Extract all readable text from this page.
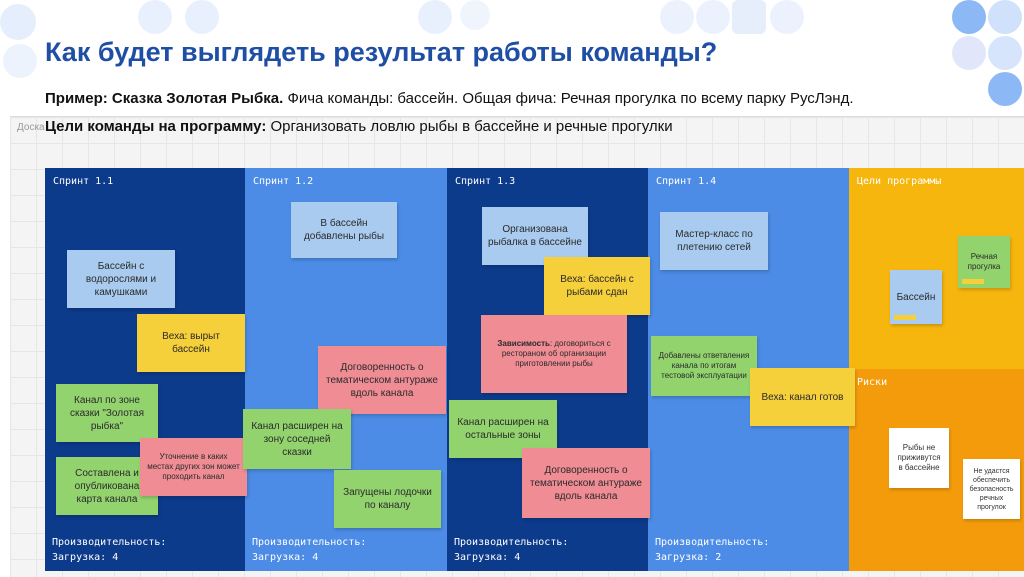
Как будет выглядеть результат работы команды?
Пример: Сказка Золотая Рыбка. Фича команды: бассейн. Общая фича: Речная прогулка по всему парку РусЛэнд.
Доска Цели команды на программу: Организовать ловлю рыбы в бассейне и речные прогулки
Спринт 1.1
Производительность:
Загрузка: 4
Спринт 1.2
Производительность:
Загрузка: 4
Спринт 1.3
Производительность:
Загрузка: 4
Спринт 1.4
Производительность:
Загрузка: 2
Цели программы
Риски
Бассейн с водорослями и камушками
Веха: вырыт бассейн
Канал по зоне сказки "Золотая рыбка"
Составлена и опубликована карта канала
Уточнение в каких местах других зон может проходить канал
В бассейн добавлены рыбы
Договоренность о тематическом антураже вдоль канала
Канал расширен на зону соседней сказки
Запущены лодочки по каналу
Организована рыбалка в бассейне
Веха: бассейн с рыбами сдан
Зависимость: договориться с рестораном об организации приготовлении рыбы
Канал расширен на остальные зоны
Договоренность о тематическом антураже вдоль канала
Мастер-класс по плетению сетей
Добавлены ответвления канала по итогам тестовой эксплуатации
Веха: канал готов
Бассейн
Речная прогулка
Рыбы не приживутся в бассейне	Не удастся обеспечить безопасность речных прогулок
